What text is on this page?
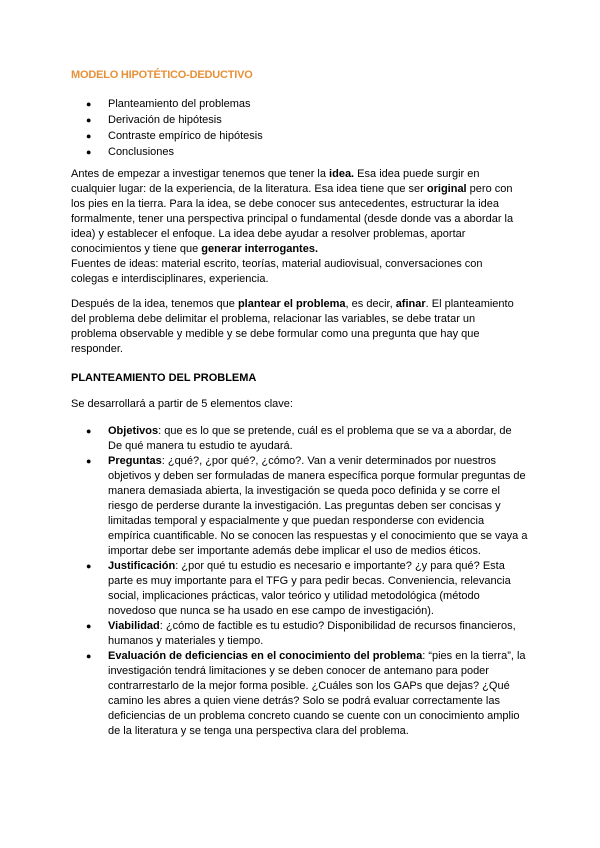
MODELO HIPOTÉTICO-DEDUCTIVO
● Planteamiento del problemas
● Derivación de hipótesis
● Contraste empírico de hipótesis
● Conclusiones

Antes de empezar a investigar tenemos que tener la idea. Esa idea puede surgir en cualquier lugar: de la experiencia, de la literatura. Esa idea tiene que ser original pero con los pies en la tierra. Para la idea, se debe conocer sus antecedentes, estructurar la idea formalmente, tener una perspectiva principal o fundamental (desde donde vas a abordar la idea) y establecer el enfoque. La idea debe ayudar a resolver problemas, aportar conocimientos y tiene que generar interrogantes.

Fuentes de ideas: material escrito, teorías, material audiovisual, conversaciones con colegas e interdisciplinares, experiencia.

Después de la idea, tenemos que plantear el problema, es decir, afinar. El planteamiento del problema debe delimitar el problema, relacionar las variables, se debe tratar un problema observable y medible y se debe formular como una pregunta que hay que responder.

PLANTEAMIENTO DEL PROBLEMA

Se desarrollará a partir de 5 elementos clave:

● Objetivos: que es lo que se pretende, cuál es el problema que se va a abordar, de De qué manera tu estudio te ayudará.
● Preguntas: ¿qué?, ¿por qué?, ¿cómo?. Van a venir determinados por nuestros objetivos y deben ser formuladas de manera específica porque formular preguntas de manera demasiada abierta, la investigación se queda poco definida y se corre el riesgo de perderse durante la investigación. Las preguntas deben ser concisas y limitadas temporal y espacialmente y que puedan responderse con evidencia empírica cuantificable. No se conocen las respuestas y el conocimiento que se vaya a importar debe ser importante además debe implicar el uso de medios éticos.
● Justificación: ¿por qué tu estudio es necesario e importante? ¿y para qué? Esta parte es muy importante para el TFG y para pedir becas. Conveniencia, relevancia social, implicaciones prácticas, valor teórico y utilidad metodológica (método novedoso que nunca se ha usado en ese campo de investigación).
● Viabilidad: ¿cómo de factible es tu estudio? Disponibilidad de recursos financieros, humanos y materiales y tiempo.
● Evaluación de deficiencias en el conocimiento del problema: “pies en la tierra”, la investigación tendrá limitaciones y se deben conocer de antemano para poder contrarrestarlo de la mejor forma posible. ¿Cuáles son los GAPs que dejas? ¿Qué camino les abres a quien viene detrás? Solo se podrá evaluar correctamente las deficiencias de un problema concreto cuando se cuente con un conocimiento amplio de la literatura y se tenga una perspectiva clara del problema.
